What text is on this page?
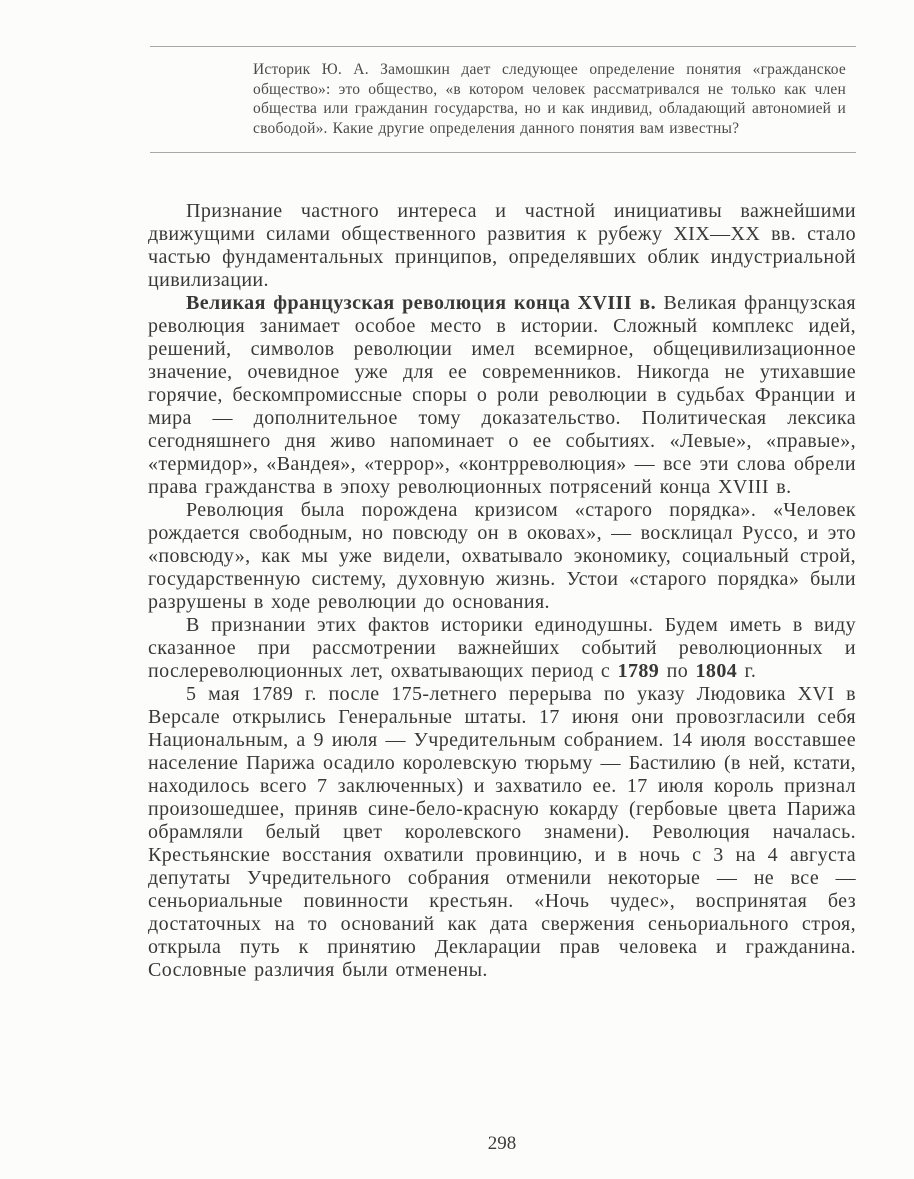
Историк Ю. А. Замошкин дает следующее определение понятия «гражданское общество»: это общество, «в котором человек рассматривался не только как член общества или гражданин государства, но и как индивид, обладающий автономией и свободой». Какие другие определения данного понятия вам известны?

Признание частного интереса и частной инициативы важнейшими движущими силами общественного развития к рубежу XIX—XX вв. стало частью фундаментальных принципов, определявших облик индустриальной цивилизации.

Великая французская революция конца XVIII в. Великая французская революция занимает особое место в истории. Сложный комплекс идей, решений, символов революции имел всемирное, общецивилизационное значение, очевидное уже для ее современников. Никогда не утихавшие горячие, бескомпромиссные споры о роли революции в судьбах Франции и мира — дополнительное тому доказательство. Политическая лексика сегодняшнего дня живо напоминает о ее событиях. «Левые», «правые», «термидор», «Вандея», «террор», «контрреволюция» — все эти слова обрели права гражданства в эпоху революционных потрясений конца XVIII в.

Революция была порождена кризисом «старого порядка». «Человек рождается свободным, но повсюду он в оковах», — восклицал Руссо, и это «повсюду», как мы уже видели, охватывало экономику, социальный строй, государственную систему, духовную жизнь. Устои «старого порядка» были разрушены в ходе революции до основания.

В признании этих фактов историки единодушны. Будем иметь в виду сказанное при рассмотрении важнейших событий революционных и послереволюционных лет, охватывающих период с 1789 по 1804 г.

5 мая 1789 г. после 175-летнего перерыва по указу Людовика XVI в Версале открылись Генеральные штаты. 17 июня они провозгласили себя Национальным, а 9 июля — Учредительным собранием. 14 июля восставшее население Парижа осадило королевскую тюрьму — Бастилию (в ней, кстати, находилось всего 7 заключенных) и захватило ее. 17 июля король признал произошедшее, приняв сине-бело-красную кокарду (гербовые цвета Парижа обрамляли белый цвет королевского знамени). Революция началась. Крестьянские восстания охватили провинцию, и в ночь с 3 на 4 августа депутаты Учредительного собрания отменили некоторые — не все — сеньориальные повинности крестьян. «Ночь чудес», воспринятая без достаточных на то оснований как дата свержения сеньориального строя, открыла путь к принятию Декларации прав человека и гражданина. Сословные различия были отменены.

298
